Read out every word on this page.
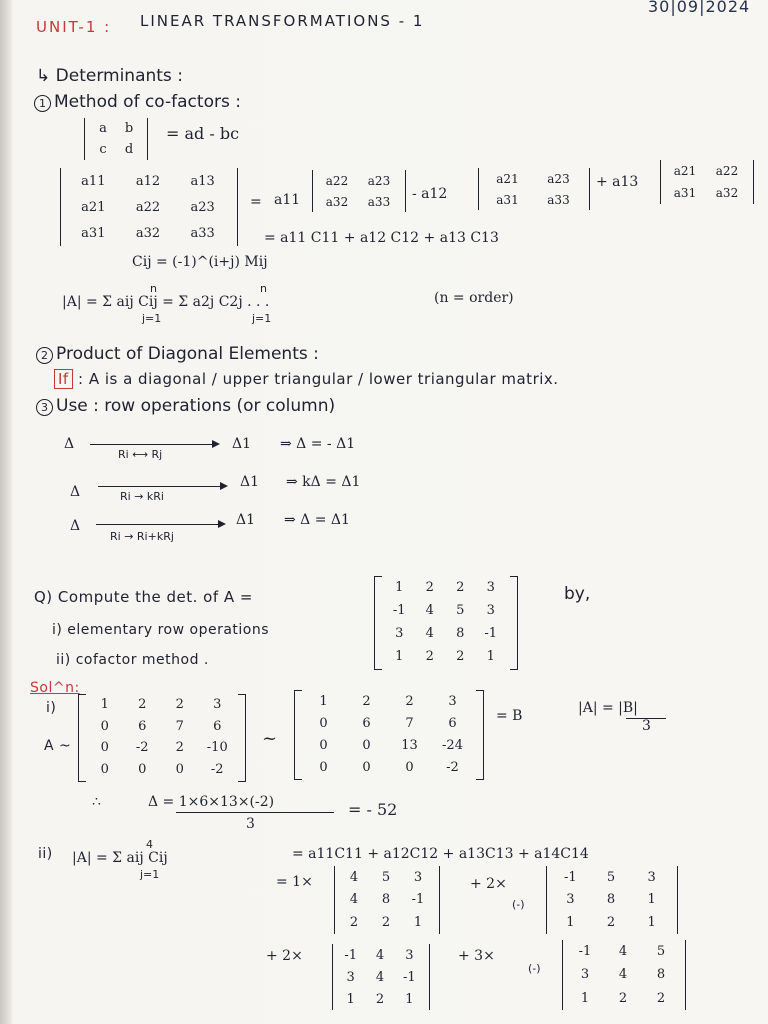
UNIT-1 : LINEAR TRANSFORMATIONS - 1
30|09|2024
↳ Determinants :
1 Method of co-factors :
a	b
c	d
= ad - bc
a11	a12	a13
a21	a22	a23
a31	a32	a33
= a11
a22	a23
a32	a33	- a12
a21	a23
a31	a33
+ a13
a21	a22
a31	a32
= a11 C11 + a12 C12 + a13 C13
Cij = (-1)^(i+j) Mij
|A| = Σ aij Cij = Σ a2j C2j . . .
n
j=1
n
j=1
(n = order)
2 Product of Diagonal Elements :
If : A is a diagonal / upper triangular / lower triangular matrix.
3 Use : row operations (or column)
Δ
Ri ⟷ Rj
Δ1 ⇒ Δ = - Δ1
Δ	Ri → kRi
Δ1 ⇒ kΔ = Δ1
Δ
Ri → Ri+kRj
Δ1 ⇒ Δ = Δ1
Q) Compute the det. of A =
1	2	2	3
-1	4	5	3
3	4	8	-1
1	2	2	1
by,
i) elementary row operations
ii) cofactor method .
Sol^n:
i)
A ~
1	2	2	3
0	6	7	6
0	-2	2	-10
0	0	0	-2
~
1	2	2	3
0	6	7	6
0	0	13	-24
0	0	0	-2
= B	|A| = |B|
3
∴	Δ = 1×6×13×(-2)
3
= - 52
ii) |A| = Σ aij Cij
4
j=1
= a11C11 + a12C12 + a13C13 + a14C14
= 1×	4	5	3
4	8	-1
2	2	1
+ 2×
(-)
-1	5	3
3	8	1
1	2	1
+ 2×	-1	4	3
3	4	-1
1	2	1
+ 3×
(-)
-1	4	5
3	4	8
1	2	2
